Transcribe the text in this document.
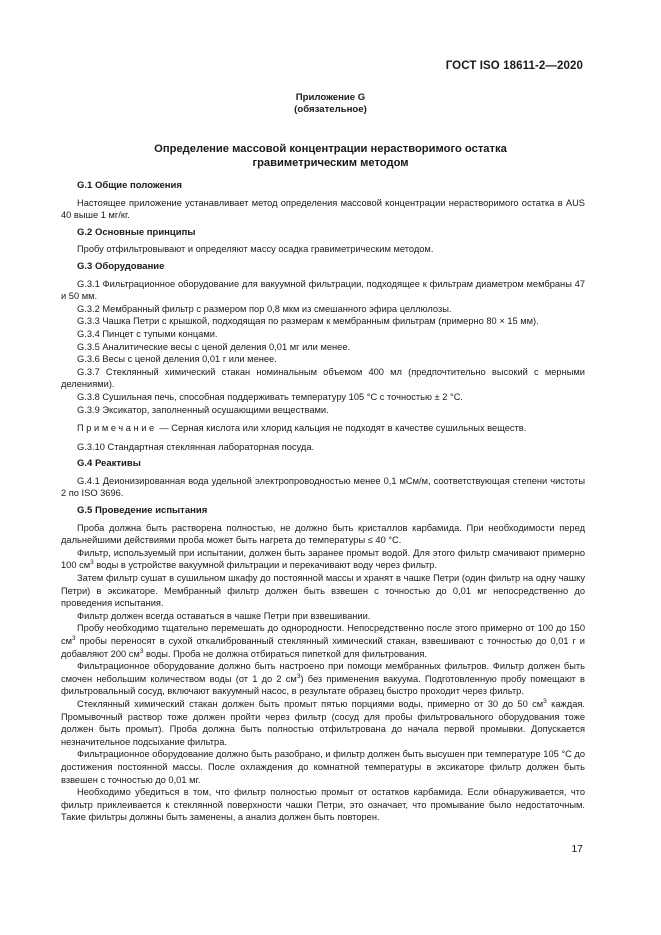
ГОСТ ISO 18611-2—2020
Приложение G
(обязательное)
Определение массовой концентрации нерастворимого остатка
гравиметрическим методом
G.1 Общие положения

Настоящее приложение устанавливает метод определения массовой концентрации нерастворимого остатка в AUS 40 выше 1 мг/кг.

G.2 Основные принципы

Пробу отфильтровывают и определяют массу осадка гравиметрическим методом.

G.3 Оборудование

G.3.1 Фильтрационное оборудование для вакуумной фильтрации, подходящее к фильтрам диаметром мембраны 47 и 50 мм.

G.3.2 Мембранный фильтр с размером пор 0,8 мкм из смешанного эфира целлюлозы.

G.3.3 Чашка Петри с крышкой, подходящая по размерам к мембранным фильтрам (примерно 80 × 15 мм).

G.3.4 Пинцет с тупыми концами.

G.3.5 Аналитические весы с ценой деления 0,01 мг или менее.

G.3.6 Весы с ценой деления 0,01 г или менее.

G.3.7 Стеклянный химический стакан номинальным объемом 400 мл (предпочтительно высокий с мерными делениями).

G.3.8 Сушильная печь, способная поддерживать температуру 105 °С с точностью ± 2 °С.

G.3.9 Эксикатор, заполненный осушающими веществами.

Примечание — Серная кислота или хлорид кальция не подходят в качестве сушильных веществ.

G.3.10 Стандартная стеклянная лабораторная посуда.

G.4 Реактивы

G.4.1 Деионизированная вода удельной электропроводностью менее 0,1 мСм/м, соответствующая степени чистоты 2 по ISO 3696.

G.5 Проведение испытания

Проба должна быть растворена полностью, не должно быть кристаллов карбамида. При необходимости перед дальнейшими действиями проба может быть нагрета до температуры ≤ 40 °С.

Фильтр, используемый при испытании, должен быть заранее промыт водой. Для этого фильтр смачивают примерно 100 $см^3$ воды в устройстве вакуумной фильтрации и перекачивают воду через фильтр.

Затем фильтр сушат в сушильном шкафу до постоянной массы и хранят в чашке Петри (один фильтр на одну чашку Петри) в эксикаторе. Мембранный фильтр должен быть взвешен с точностью до 0,01 мг непосредственно до проведения испытания.

Фильтр должен всегда оставаться в чашке Петри при взвешивании.

Пробу необходимо тщательно перемешать до однородности. Непосредственно после этого примерно от 100 до 150 $см^3$ пробы переносят в сухой откалиброванный стеклянный химический стакан, взвешивают с точностью до 0,01 г и добавляют 200 $см^3$ воды. Проба не должна отбираться пипеткой для фильтрования.

Фильтрационное оборудование должно быть настроено при помощи мембранных фильтров. Фильтр должен быть смочен небольшим количеством воды (от 1 до 2 $см^3$) без применения вакуума. Подготовленную пробу помещают в фильтровальный сосуд, включают вакуумный насос, в результате образец быстро проходит через фильтр.

Стеклянный химический стакан должен быть промыт пятью порциями воды, примерно от 30 до 50 $см^3$ каждая. Промывочный раствор тоже должен пройти через фильтр (сосуд для пробы фильтровального оборудования тоже должен быть промыт). Проба должна быть полностью отфильтрована до начала первой промывки. Допускается незначительное подсыхание фильтра.

Фильтрационное оборудование должно быть разобрано, и фильтр должен быть высушен при температуре 105 °С до достижения постоянной массы. После охлаждения до комнатной температуры в эксикаторе фильтр должен быть взвешен с точностью до 0,01 мг.

Необходимо убедиться в том, что фильтр полностью промыт от остатков карбамида. Если обнаруживается, что фильтр приклеивается к стеклянной поверхности чашки Петри, это означает, что промывание было недостаточным. Такие фильтры должны быть заменены, а анализ должен быть повторен.

17
